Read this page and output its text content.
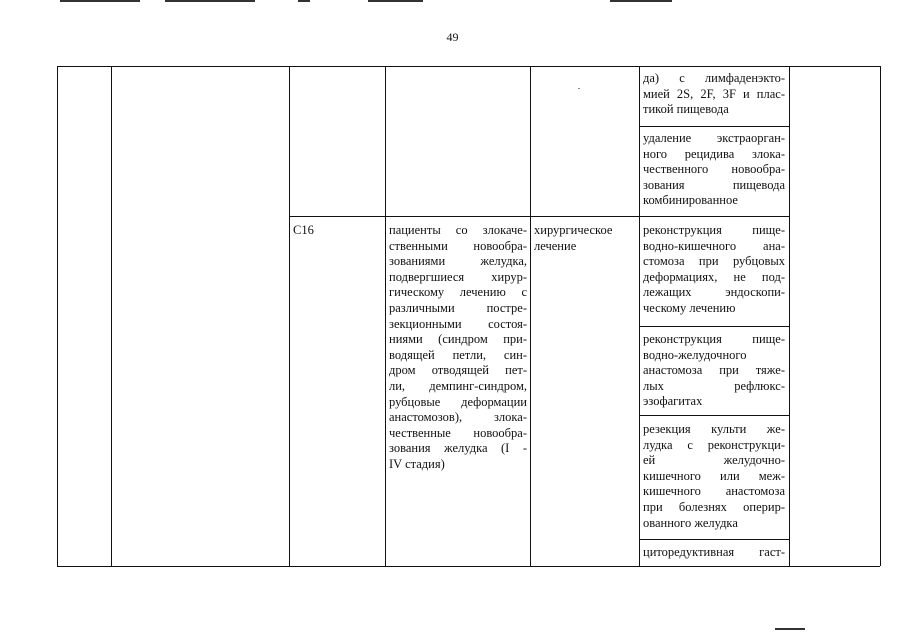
49
да) с лимфаденэкто-
мией 2S, 2F, 3F и плас-
тикой пищевода
удаление экстраорган-
ного рецидива злока-
чественного новообра-
зования пищевода
комбинированное
С16	пациенты со злокаче-
ственными новообра-
зованиями желудка,
подвергшиеся хирур-
гическому лечению с
различными постре-
зекционными состоя-
ниями (синдром при-
водящей петли, син-
дром отводящей пет-
ли, демпинг-синдром,
рубцовые деформации
анастомозов), злока-
чественные новообра-
зования желудка (I -
IV стадия)
хирургическое
лечение
реконструкция пище-
водно-кишечного ана-
стомоза при рубцовых
деформациях, не под-
лежащих эндоскопи-
ческому лечению
реконструкция пище-
водно-желудочного
анастомоза при тяже-
лых рефлюкс-
эзофагитах
резекция культи же-
лудка с реконструкци-
ей желудочно-
кишечного или меж-
кишечного анастомоза
при болезнях оперир-
ованного желудка
циторедуктивная гаст-
